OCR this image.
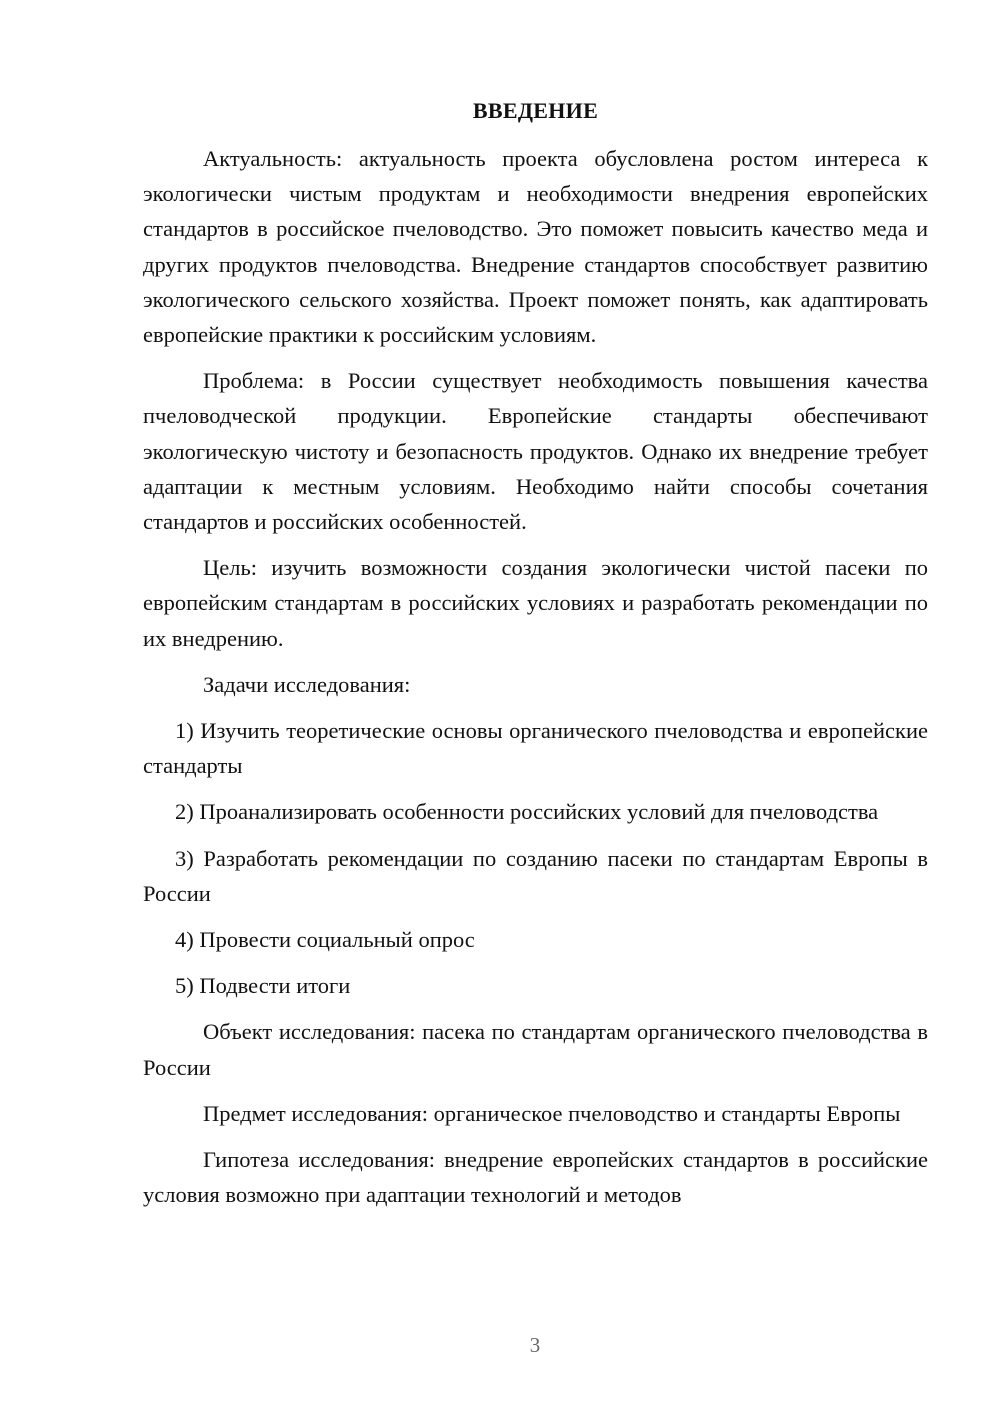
ВВЕДЕНИЕ

Актуальность: актуальность проекта обусловлена ростом интереса к экологически чистым продуктам и необходимости внедрения европейских стандартов в российское пчеловодство. Это поможет повысить качество меда и других продуктов пчеловодства. Внедрение стандартов способствует развитию экологического сельского хозяйства. Проект поможет понять, как адаптировать европейские практики к российским условиям.

Проблема: в России существует необходимость повышения качества пчеловодческой продукции. Европейские стандарты обеспечивают экологическую чистоту и безопасность продуктов. Однако их внедрение требует адаптации к местным условиям. Необходимо найти способы сочетания стандартов и российских особенностей.

Цель: изучить возможности создания экологически чистой пасеки по европейским стандартам в российских условиях и разработать рекомендации по их внедрению.

Задачи исследования:

1) Изучить теоретические основы органического пчеловодства и европейские стандарты

2) Проанализировать особенности российских условий для пчеловодства

3) Разработать рекомендации по созданию пасеки по стандартам Европы в России

4) Провести социальный опрос

5) Подвести итоги

Объект исследования: пасека по стандартам органического пчеловодства в России

Предмет исследования: органическое пчеловодство и стандарты Европы

Гипотеза исследования: внедрение европейских стандартов в российские условия возможно при адаптации технологий и методов

3
